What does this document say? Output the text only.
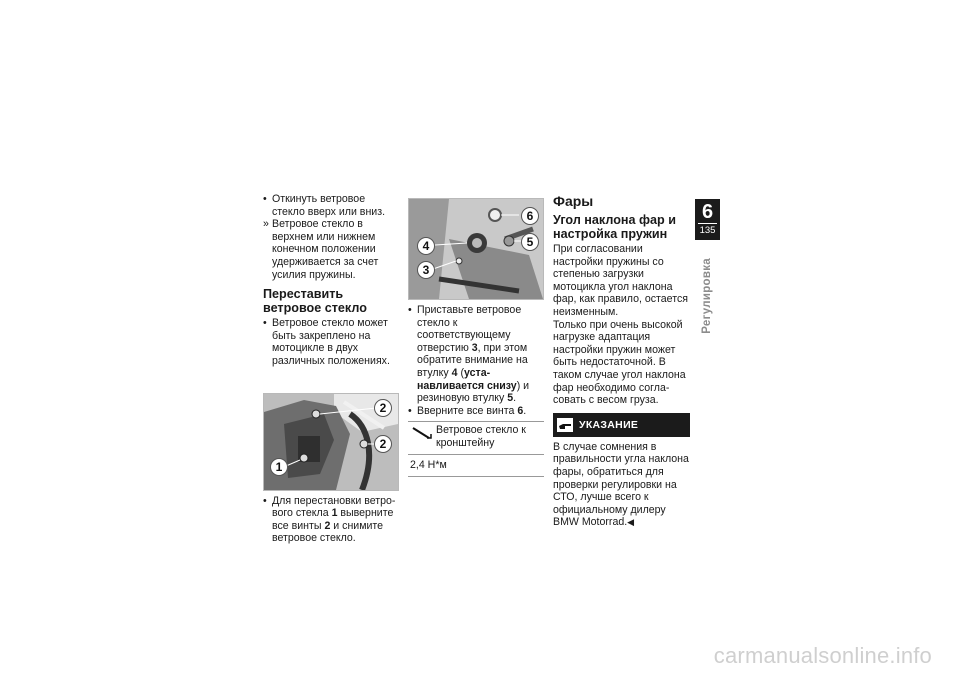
• Откинуть ветровое стекло вверх или вниз.

» Ветровое стекло в верхнем или нижнем конечном положении удерживается за счет усилия пружины.

Переставить ветровое стекло

• Ветровое стекло может быть закреплено на мотоцикле в двух различных положениях.

2
2
1

• Для перестановки ветрового стекла 1 выверните все винты 2 и снимите ветровое стекло.

6
5
4
3

• Приставьте ветровое стекло к соответствующему отверстию 3, при этом обратите внимание на втулку 4 (устанавливается снизу) и резиновую втулку 5.

• Вверните все винта 6.

Ветровое стекло к кронштейну
2,4 Н*м
Фары
Угол наклона фар и настройка пружин

При согласовании настройки пружины со степенью загрузки мотоцикла угол наклона фар, как правило, остается неизменным.

Только при очень высокой нагрузке адаптация настройки пружин может быть недостаточной. В таком случае угол наклона фар необходимо согласовать с весом груза.

УКАЗАНИЕ

В случае сомнения в правильности угла наклона фары, обратиться для проверки регулировки на СТО, лучше всего к официальному дилеру BMW Motorrad.◀

6
135
Регулировка
carmanualsonline.info
